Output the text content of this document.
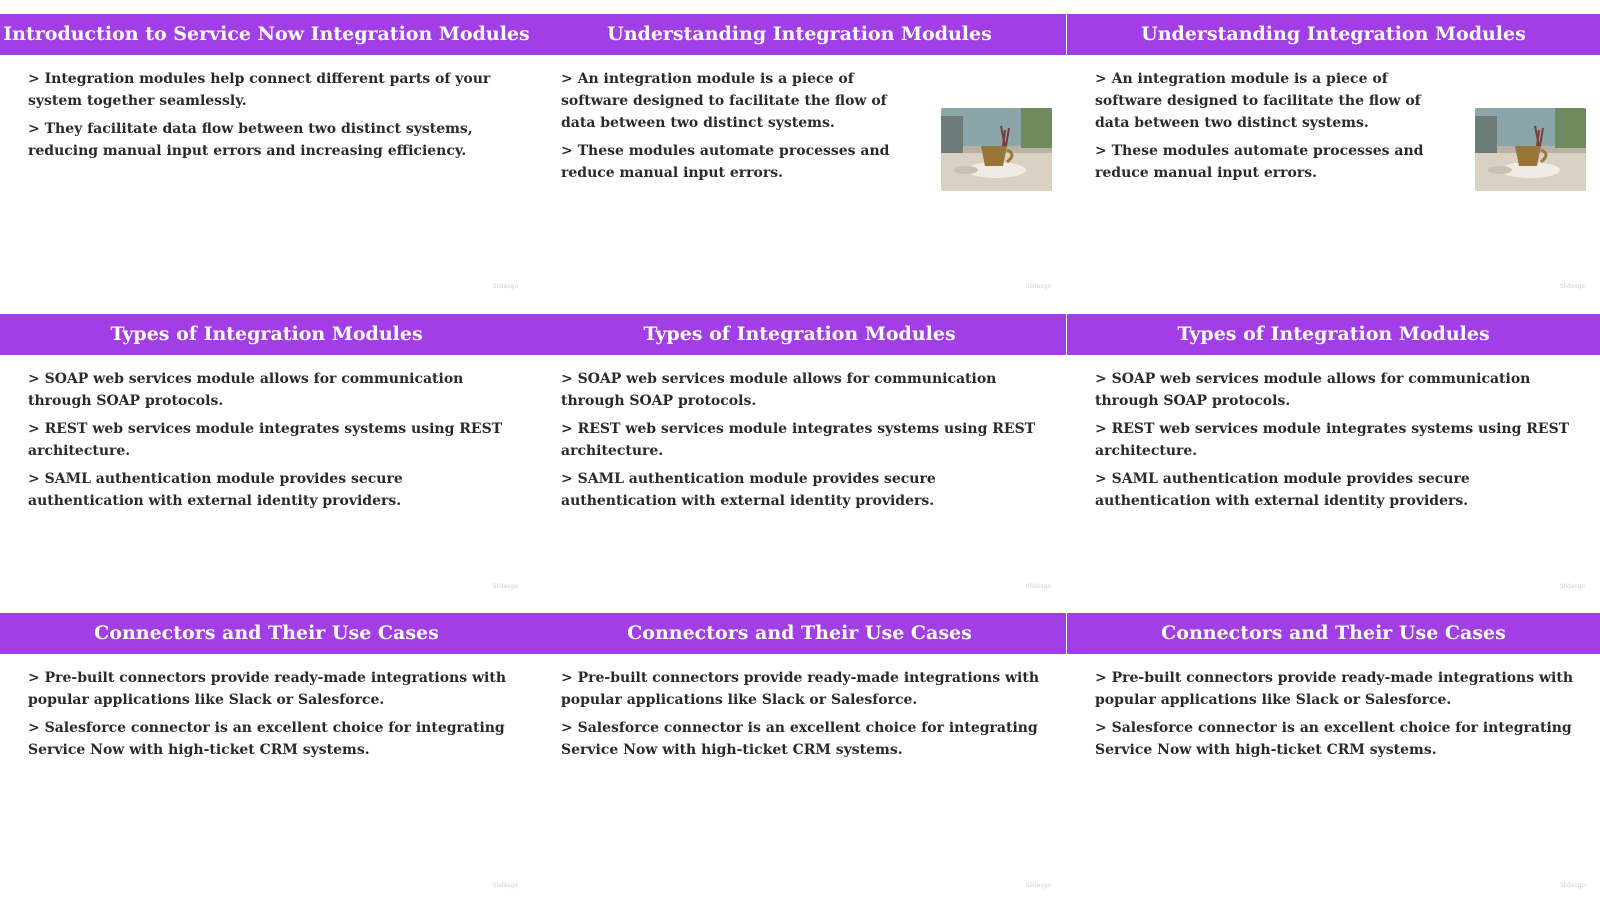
Introduction to Service Now Integration Modules

> Integration modules help connect different parts of your system together seamlessly.

> They facilitate data flow between two distinct systems, reducing manual input errors and increasing efficiency.

Slidesgo
Understanding Integration Modules

> An integration module is a piece of software designed to facilitate the flow of data between two distinct systems.

> These modules automate processes and reduce manual input errors.

Slidesgo
Understanding Integration Modules

> An integration module is a piece of software designed to facilitate the flow of data between two distinct systems.

> These modules automate processes and reduce manual input errors.

Slidesgo
Types of Integration Modules

> SOAP web services module allows for communication through SOAP protocols.

> REST web services module integrates systems using REST architecture.

> SAML authentication module provides secure authentication with external identity providers.

Slidesgo
Types of Integration Modules

> SOAP web services module allows for communication through SOAP protocols.

> REST web services module integrates systems using REST architecture.

> SAML authentication module provides secure authentication with external identity providers.

Slidesgo
Types of Integration Modules

> SOAP web services module allows for communication through SOAP protocols.

> REST web services module integrates systems using REST architecture.

> SAML authentication module provides secure authentication with external identity providers.

Slidesgo
Connectors and Their Use Cases

> Pre-built connectors provide ready-made integrations with popular applications like Slack or Salesforce.

> Salesforce connector is an excellent choice for integrating Service Now with high-ticket CRM systems.

Slidesgo
Connectors and Their Use Cases

> Pre-built connectors provide ready-made integrations with popular applications like Slack or Salesforce.

> Salesforce connector is an excellent choice for integrating Service Now with high-ticket CRM systems.

Slidesgo
Connectors and Their Use Cases

> Pre-built connectors provide ready-made integrations with popular applications like Slack or Salesforce.

> Salesforce connector is an excellent choice for integrating Service Now with high-ticket CRM systems.

Slidesgo
